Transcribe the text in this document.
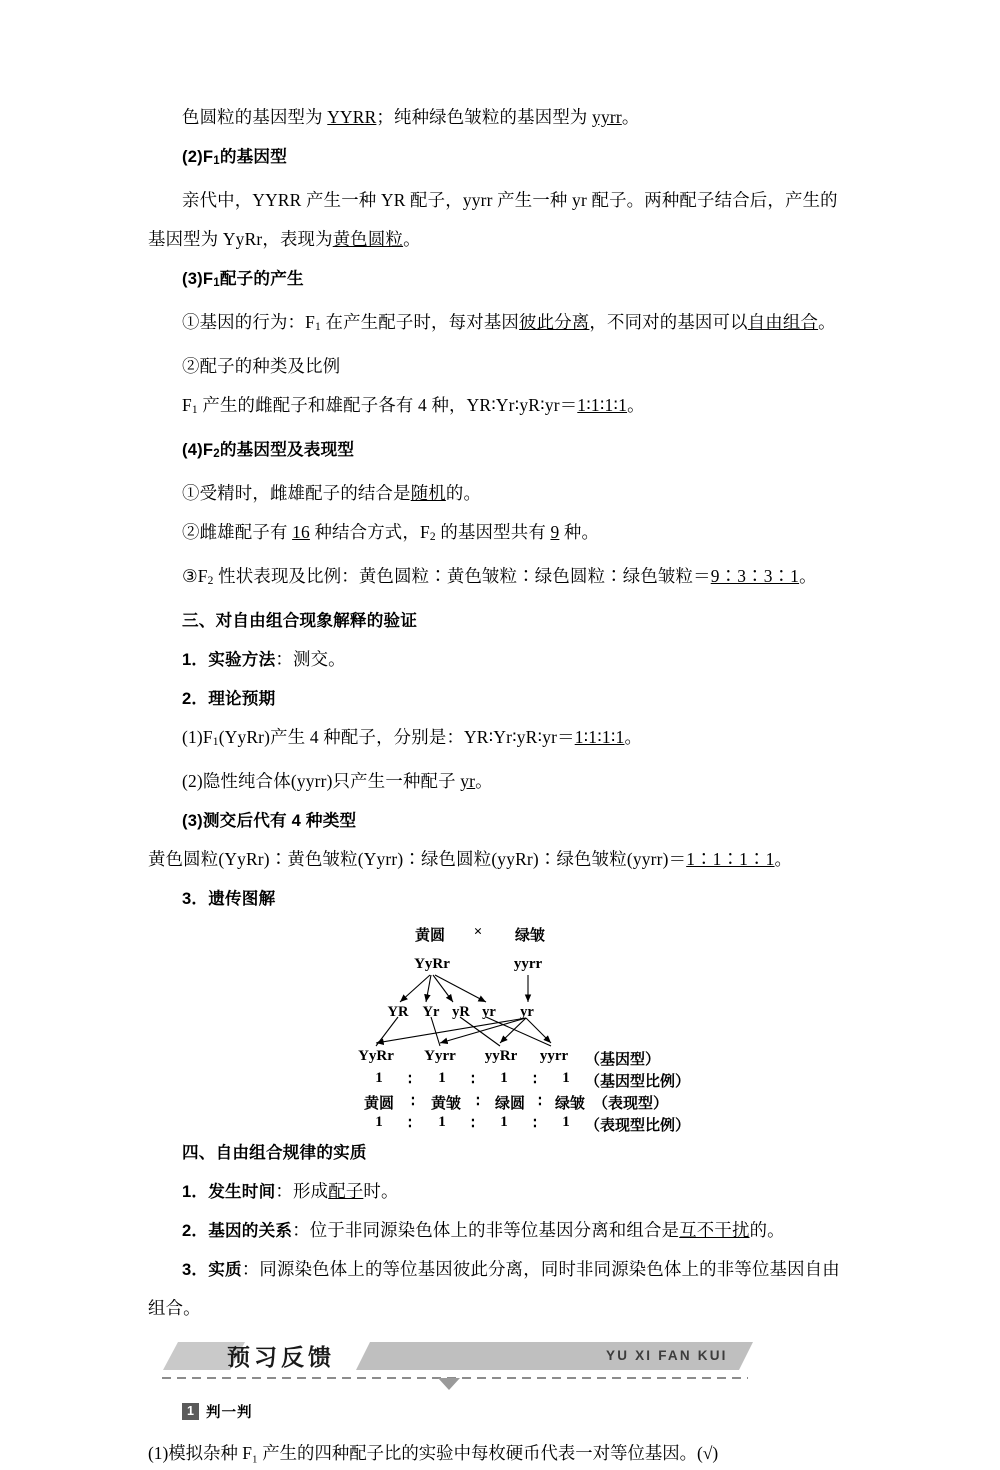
色圆粒的基因型为 YYRR；纯种绿色皱粒的基因型为 yyrr。
$(2)F_1$的基因型
亲代中，YYRR 产生一种 YR 配子，yyrr 产生一种 yr 配子。两种配子结合后，产生的
基因型为 YyRr，表现为黄色圆粒。
$(3)F_1$配子的产生
①基因的行为：$F_1$ 在产生配子时，每对基因彼此分离，不同对的基因可以自由组合。
②配子的种类及比例
$F_1$ 产生的雌配子和雄配子各有 4 种，YR∶Yr∶yR∶yr＝1∶1∶1∶1。
$(4)F_2$的基因型及表现型
①受精时，雌雄配子的结合是随机的。
②雌雄配子有 16 种结合方式，$F_2$ 的基因型共有 9 种。
$③F_2$ 性状表现及比例：黄色圆粒∶黄色皱粒∶绿色圆粒∶绿色皱粒＝9∶3∶3∶1。
三、对自由组合现象解释的验证
1．实验方法：测交。
2．理论预期
$(1)F_1(YyRr)$产生 4 种配子，分别是：YR∶Yr∶yR∶yr＝1∶1∶1∶1。
(2)隐性纯合体(yyrr)只产生一种配子 yr。
(3)测交后代有 4 种类型
黄色圆粒(YyRr)∶黄色皱粒(Yyrr)∶绿色圆粒(yyRr)∶绿色皱粒(yyrr)＝1∶1∶1∶1。
3．遗传图解
黄圆 × 绿皱
YyRr	yyrr
YR Yr yR yr yr
YyRr Yyrr yyRr yyrr （基因型）
1 ∶ 1 ∶ 1 ∶ 1 （基因型比例）
黄圆 ∶ 黄皱 ∶ 绿圆 ∶ 绿皱 （表现型）
1 ∶ 1 ∶ 1 ∶ 1 （表现型比例）
四、自由组合规律的实质
1．发生时间：形成配子时。
2．基因的关系：位于非同源染色体上的非等位基因分离和组合是互不干扰的。
3．实质：同源染色体上的等位基因彼此分离，同时非同源染色体上的非等位基因自由
组合。
预习反馈	YU XI FAN KUI
1 判一判
(1)模拟杂种 F₁ 产生的四种配子比的实验中每枚硬币代表一对等位基因。(√)
